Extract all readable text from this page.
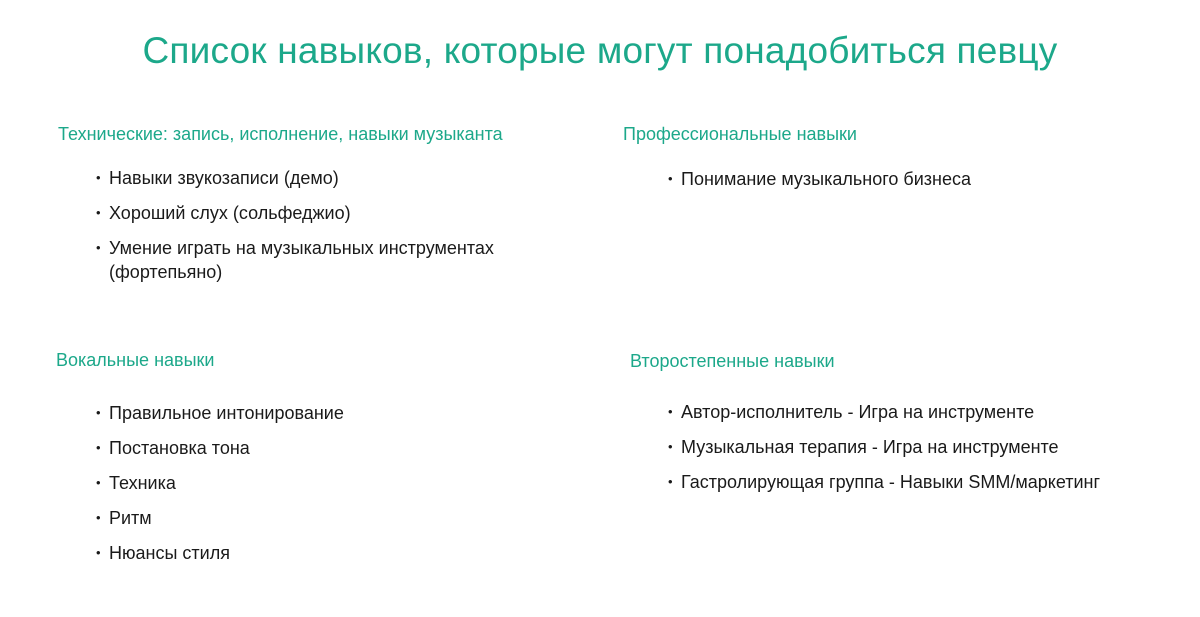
Список навыков, которые могут понадобиться певцу
Технические: запись, исполнение, навыки музыканта
• Навыки звукозаписи (демо)
• Хороший слух (сольфеджио)
• Умение играть на музыкальных инструментах (фортепьяно)
Профессиональные навыки
• Понимание музыкального бизнеса
Вокальные навыки
• Правильное интонирование
• Постановка тона
• Техника
• Ритм
• Нюансы стиля
Второстепенные навыки
• Автор-исполнитель - Игра на инструменте
• Музыкальная терапия - Игра на инструменте
• Гастролирующая группа - Навыки SMM/маркетинг
